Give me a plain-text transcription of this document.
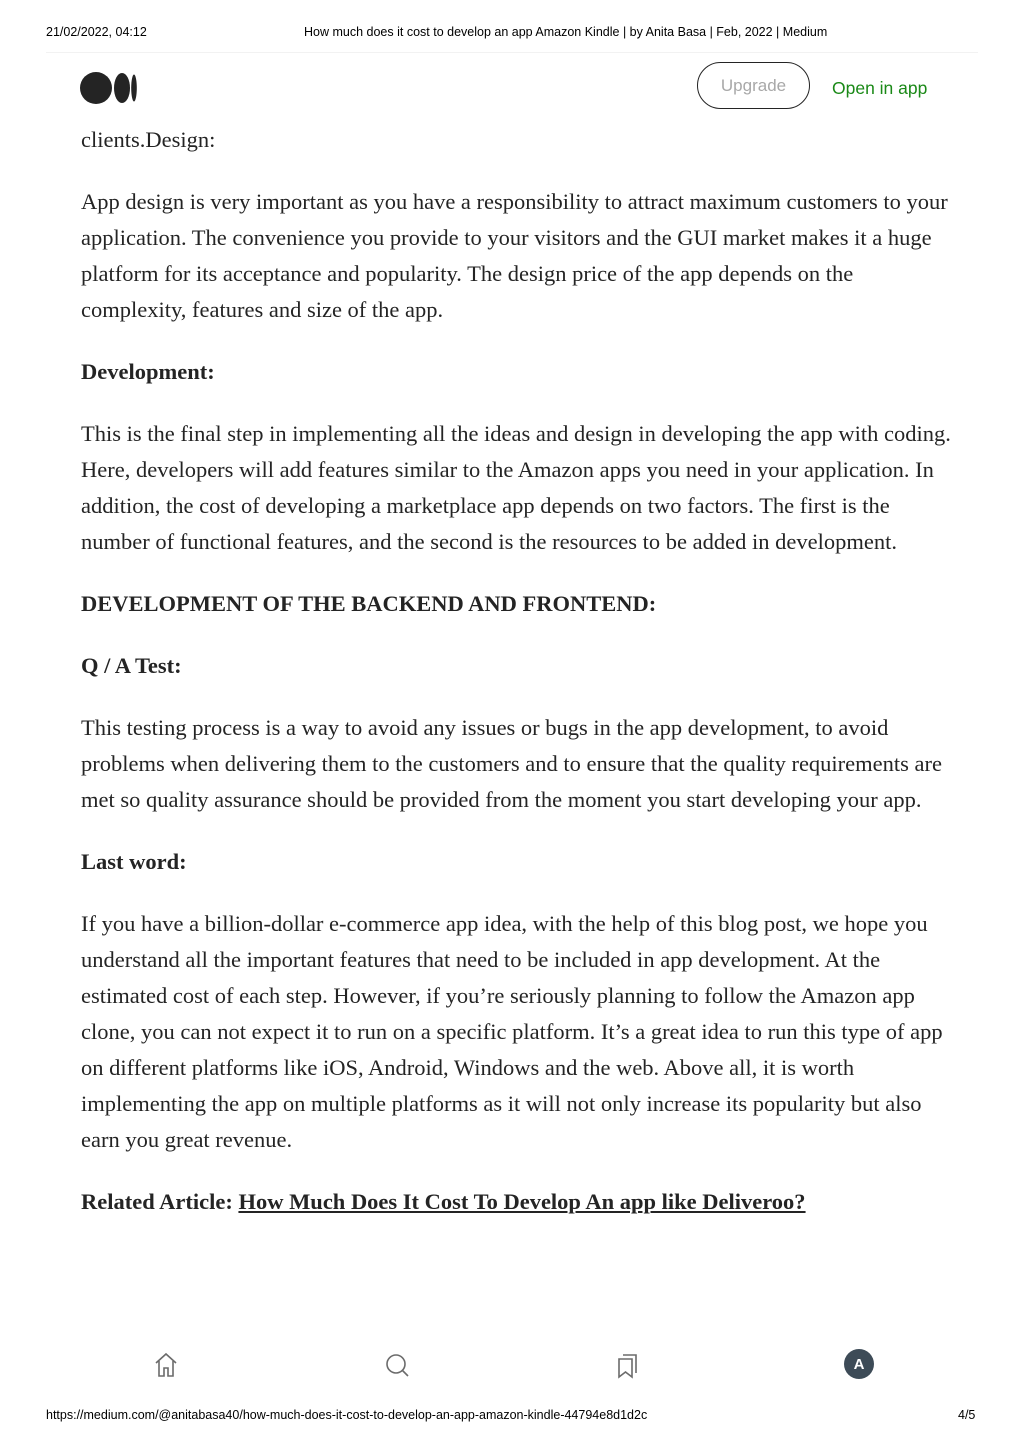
21/02/2022, 04:12	How much does it cost to develop an app Amazon Kindle | by Anita Basa | Feb, 2022 | Medium
Upgrade	Open in app

clients.Design:

App design is very important as you have a responsibility to attract maximum customers to your application. The convenience you provide to your visitors and the GUI market makes it a huge platform for its acceptance and popularity. The design price of the app depends on the complexity, features and size of the app.

Development:

This is the final step in implementing all the ideas and design in developing the app with coding. Here, developers will add features similar to the Amazon apps you need in your application. In addition, the cost of developing a marketplace app depends on two factors. The first is the number of functional features, and the second is the resources to be added in development.

DEVELOPMENT OF THE BACKEND AND FRONTEND:

Q / A Test:

This testing process is a way to avoid any issues or bugs in the app development, to avoid problems when delivering them to the customers and to ensure that the quality requirements are met so quality assurance should be provided from the moment you start developing your app.

Last word:

If you have a billion-dollar e-commerce app idea, with the help of this blog post, we hope you understand all the important features that need to be included in app development. At the estimated cost of each step. However, if you’re seriously planning to follow the Amazon app clone, you can not expect it to run on a specific platform. It’s a great idea to run this type of app on different platforms like iOS, Android, Windows and the web. Above all, it is worth implementing the app on multiple platforms as it will not only increase its popularity but also earn you great revenue.

Related Article: How Much Does It Cost To Develop An app like Deliveroo?

A
https://medium.com/@anitabasa40/how-much-does-it-cost-to-develop-an-app-amazon-kindle-44794e8d1d2c	4/5
